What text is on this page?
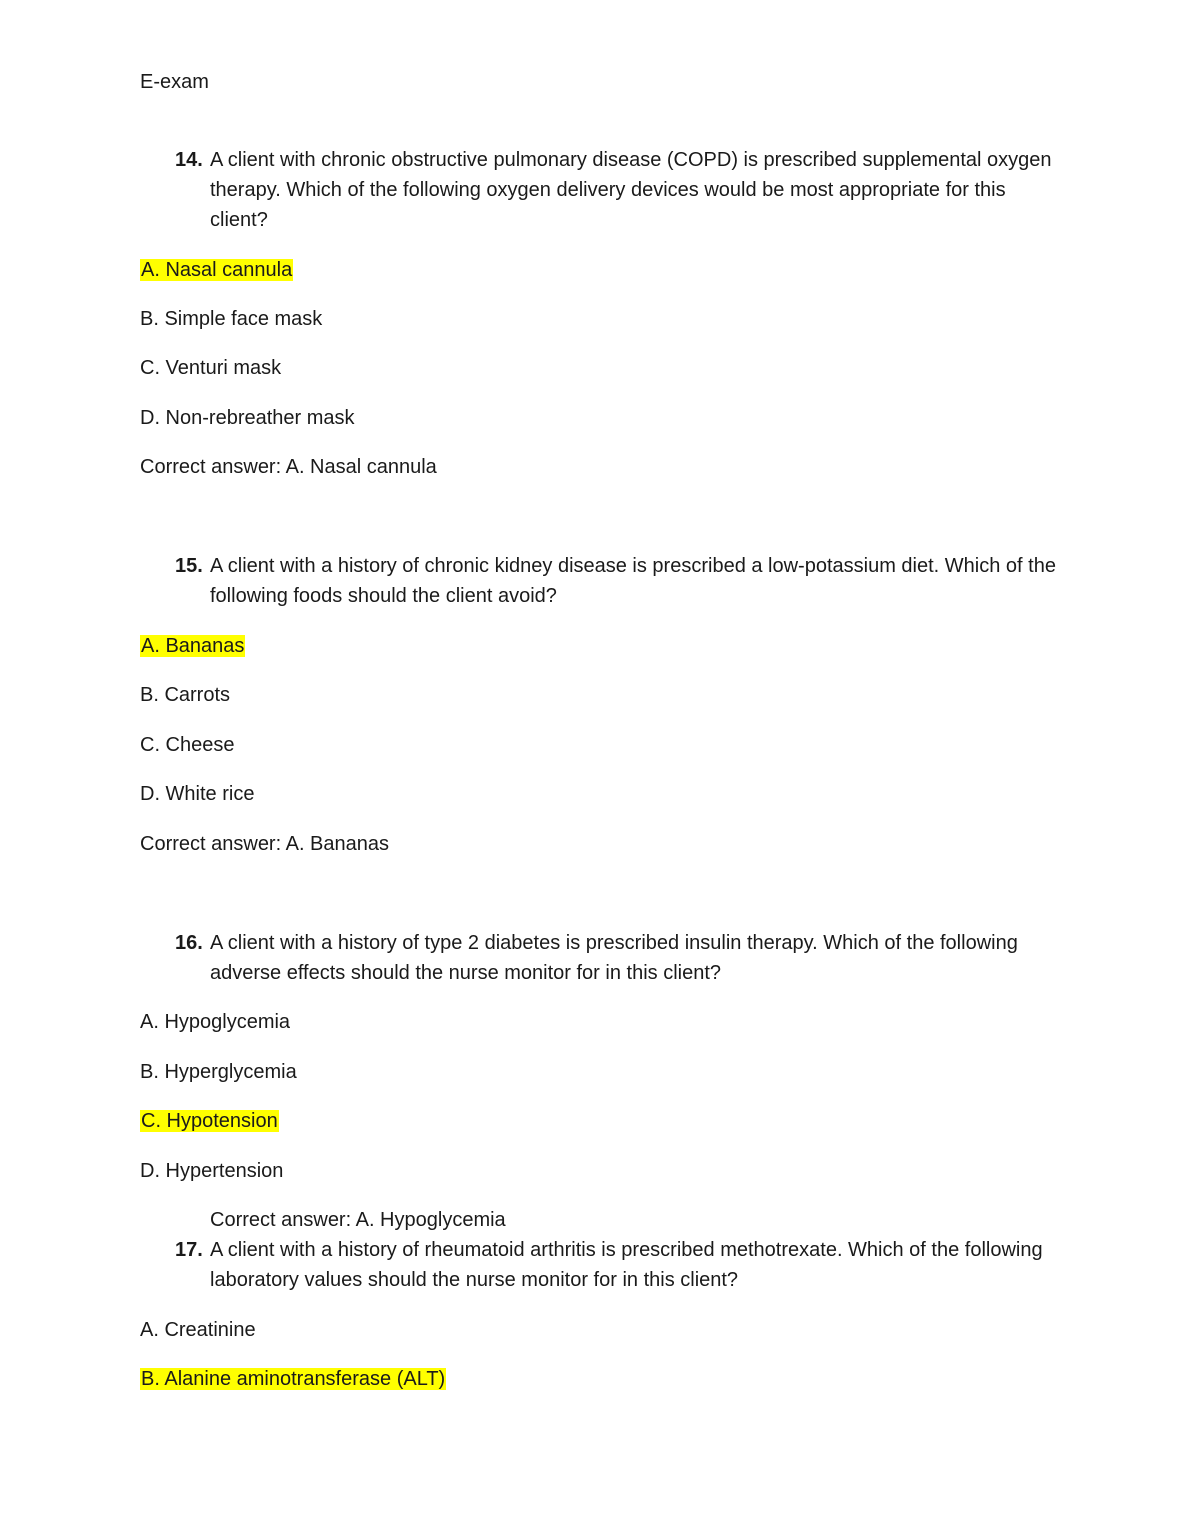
E-exam
14. A client with chronic obstructive pulmonary disease (COPD) is prescribed supplemental oxygen
therapy. Which of the following oxygen delivery devices would be most appropriate for this
client?
A. Nasal cannula
B. Simple face mask
C. Venturi mask
D. Non-rebreather mask
Correct answer: A. Nasal cannula
15. A client with a history of chronic kidney disease is prescribed a low-potassium diet. Which of the
following foods should the client avoid?
A. Bananas
B. Carrots
C. Cheese
D. White rice
Correct answer: A. Bananas
16. A client with a history of type 2 diabetes is prescribed insulin therapy. Which of the following
adverse effects should the nurse monitor for in this client?
A. Hypoglycemia
B. Hyperglycemia
C. Hypotension
D. Hypertension
Correct answer: A. Hypoglycemia
17. A client with a history of rheumatoid arthritis is prescribed methotrexate. Which of the following
laboratory values should the nurse monitor for in this client?
A. Creatinine
B. Alanine aminotransferase (ALT)
